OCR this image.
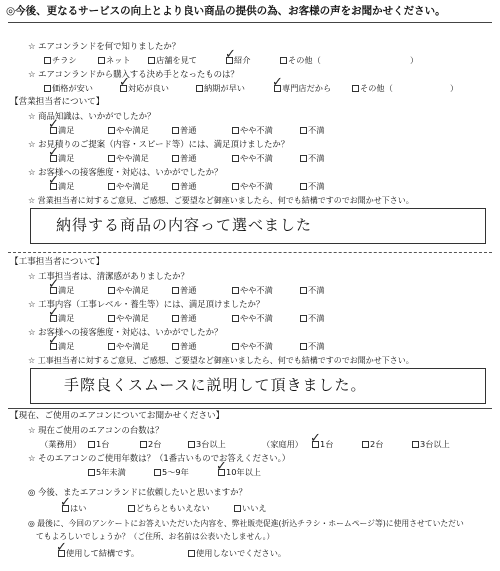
◎今後、更なるサービスの向上とより良い商品の提供の為、お客様の声をお聞かせください。
☆ エアコンランドを何で知りましたか？
チラシ	ネット	店舗を見て	紹介
✓	その他（	）
☆ エアコンランドから購入する決め手となったものは？
価格が安い	対応が良い
✓	納期が早い	専門店だから
✓	その他（	）
【営業担当者について】
☆ 商品知識は、いかがでしたか？
満足
✓	やや満足	普通	やや不満	不満
☆ お見積りのご提案（内容・スピード等）には、満足頂けましたか？
満足
✓	やや満足	普通	やや不満	不満
☆ お客様への接客態度・対応は、いかがでしたか？
満足
✓	やや満足	普通	やや不満	不満
☆ 営業担当者に対するご意見、ご感想、ご要望など御座いましたら、何でも結構ですのでお聞かせ下さい。
納得する商品の内容って選べました
【工事担当者について】
☆ 工事担当者は、清潔感がありましたか？
満足
✓	やや満足	普通	やや不満	不満
☆ 工事内容（工事レベル・養生等）には、満足頂けましたか？
満足
✓	やや満足	普通	やや不満	不満
☆ お客様への接客態度・対応は、いかがでしたか？
満足
✓	やや満足	普通	やや不満	不満
☆ 工事担当者に対するご意見、ご感想、ご要望など御座いましたら、何でも結構ですのでお聞かせ下さい。
手際良くスムースに説明して頂きました。
【現在、ご使用のエアコンについてお聞かせください】
☆ 現在ご使用のエアコンの台数は？
（業務用）	1台	2台	3台以上	（家庭用）	1台
✓	2台	3台以上
☆ そのエアコンのご使用年数は？（1番古いものでお答えください。）
5年未満	5～9年	10年以上
✓
◎ 今後、またエアコンランドに依頼したいと思いますか？
はい
✓	どちらともいえない	いいえ
◎ 最後に、今回のアンケートにお答えいただいた内容を、弊社販売促進(折込チラシ・ホームページ等)に使用させていただい
てもよろしいでしょうか？（ご住所、お名前は公表いたしません。）
使用して結構です。
✓	使用しないでください。
